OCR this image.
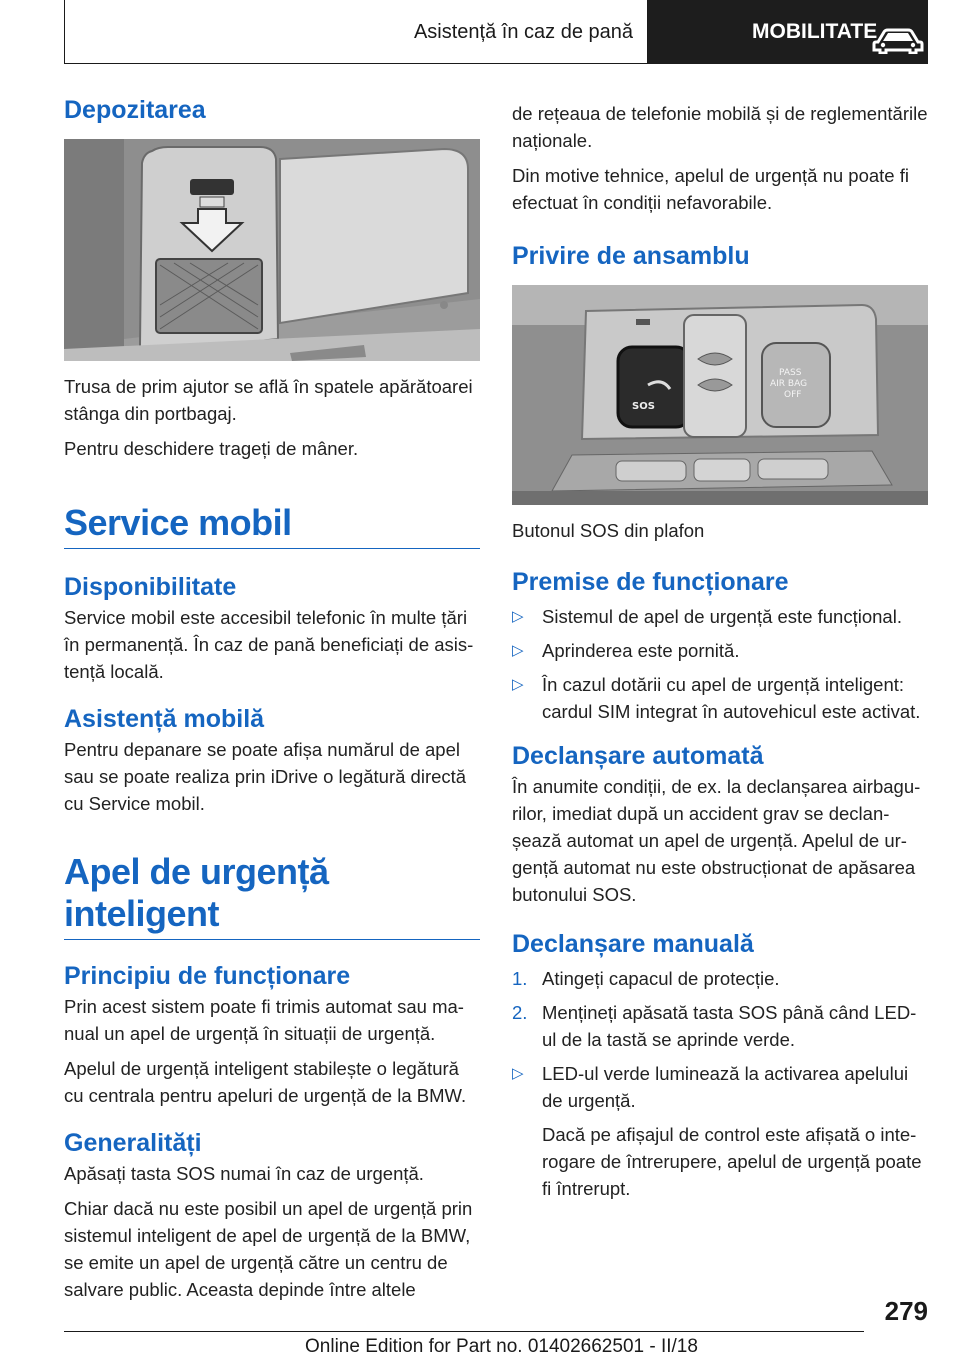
Asistență în caz de pană	MOBILITATE
Depozitarea

Trusa de prim ajutor se află în spatele apărătoarei stânga din portbagaj.

Pentru deschidere trageți de mâner.

Service mobil
Disponibilitate

Service mobil este accesibil telefonic în multe țări în permanență. În caz de pană beneficiați de asistență locală.

Asistență mobilă

Pentru depanare se poate afișa numărul de apel sau se poate realiza prin iDrive o legătură directă cu Service mobil.

Apel de urgență inteligent
Principiu de funcționare

Prin acest sistem poate fi trimis automat sau manual un apel de urgență în situații de urgență.

Apelul de urgență inteligent stabilește o legătură cu centrala pentru apeluri de urgență de la BMW.

Generalități

Apăsați tasta SOS numai în caz de urgență.

Chiar dacă nu este posibil un apel de urgență prin sistemul inteligent de apel de urgență de la BMW, se emite un apel de urgență către un centru de salvare public. Aceasta depinde între altele

de rețeaua de telefonie mobilă și de reglementările naționale.

Din motive tehnice, apelul de urgență nu poate fi efectuat în condiții nefavorabile.

Privire de ansamblu
SOS
PASS
AIR BAG
OFF

Butonul SOS din plafon

Premise de funcționare
▷ Sistemul de apel de urgență este funcțional.
▷ Aprinderea este pornită.
▷ În cazul dotării cu apel de urgență inteligent: cardul SIM integrat în autovehicul este activat.
Declanșare automată

În anumite condiții, de ex. la declanșarea airbagurilor, imediat după un accident grav se declanșează automat un apel de urgență. Apelul de urgență automat nu este obstrucționat de apăsarea butonului SOS.

Declanșare manuală
1. Atingeți capacul de protecție.
2. Mențineți apăsată tasta SOS până când LED-ul de la tastă se aprinde verde.
▷ LED-ul verde luminează la activarea apelului de urgență.

Dacă pe afișajul de control este afișată o interogare de întrerupere, apelul de urgență poate fi întrerupt.

279
Online Edition for Part no. 01402662501 - II/18
